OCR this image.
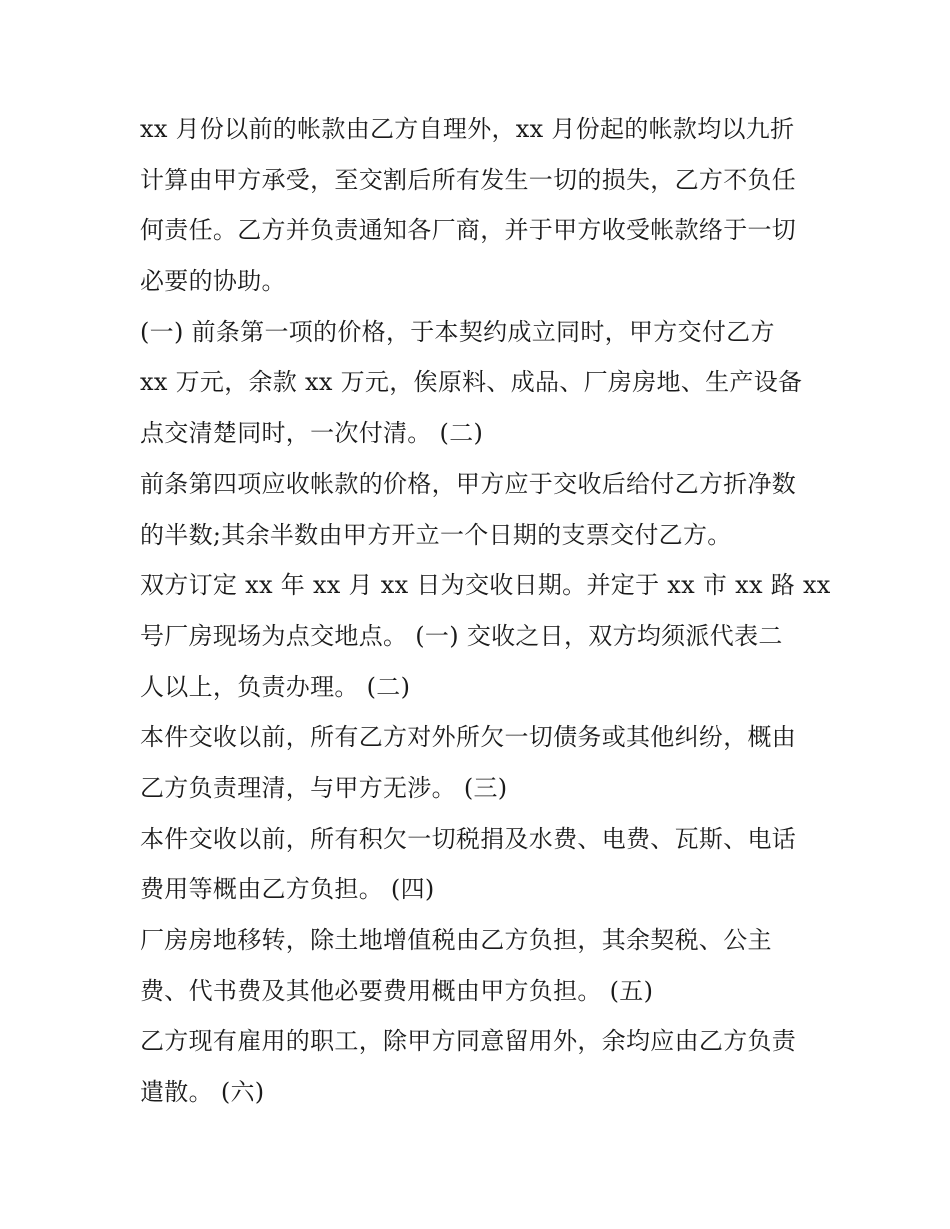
xx 月份以前的帐款由乙方自理外，xx 月份起的帐款均以九折
计算由甲方承受，至交割后所有发生一切的损失，乙方不负任
何责任。乙方并负责通知各厂商，并于甲方收受帐款络于一切
必要的协助。
(一) 前条第一项的价格，于本契约成立同时，甲方交付乙方
xx 万元，余款 xx 万元，俟原料、成品、厂房房地、生产设备
点交清楚同时，一次付清。 (二)
前条第四项应收帐款的价格，甲方应于交收后给付乙方折净数
的半数;其余半数由甲方开立一个日期的支票交付乙方。
双方订定 xx 年 xx 月 xx 日为交收日期。并定于 xx 市 xx 路 xx
号厂房现场为点交地点。 (一) 交收之日，双方均须派代表二
人以上，负责办理。 (二)
本件交收以前，所有乙方对外所欠一切债务或其他纠纷，概由
乙方负责理清，与甲方无涉。 (三)
本件交收以前，所有积欠一切税捐及水费、电费、瓦斯、电话
费用等概由乙方负担。 (四)
厂房房地移转，除土地增值税由乙方负担，其余契税、公主
费、代书费及其他必要费用概由甲方负担。 (五)
乙方现有雇用的职工，除甲方同意留用外，余均应由乙方负责
遣散。 (六)
